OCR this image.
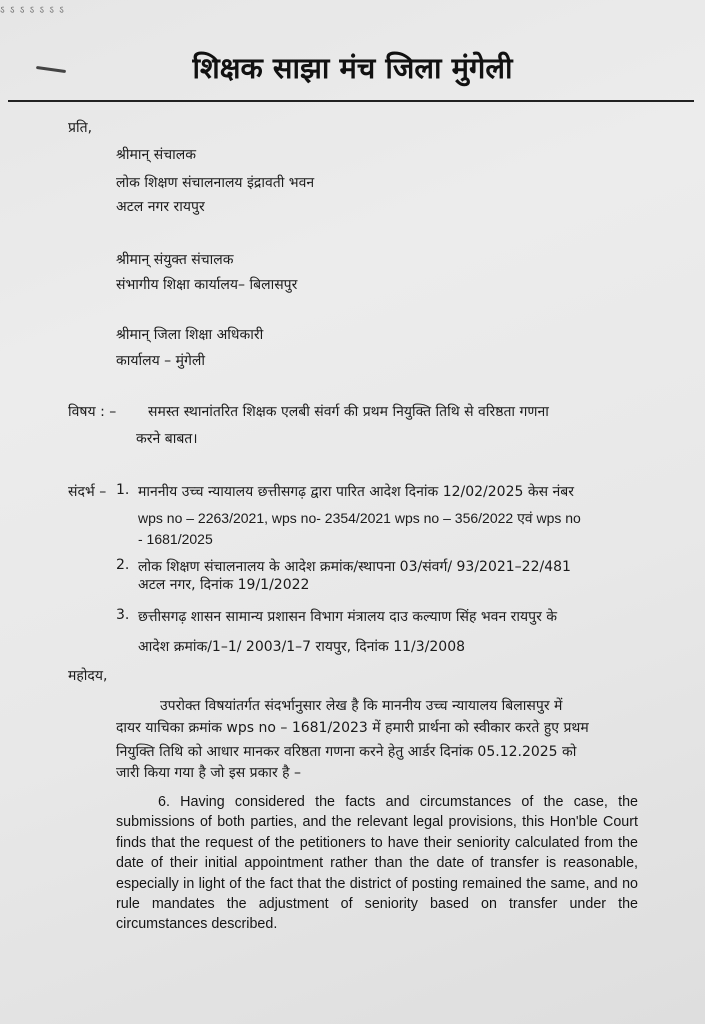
ऽ ऽ ऽ ऽ ऽ ऽ ऽ
शिक्षक साझा मंच जिला मुंगेली
प्रति,
श्रीमान् संचालक
लोक शिक्षण संचालनालय इंद्रावती भवन
अटल नगर रायपुर
श्रीमान् संयुक्त संचालक
संभागीय शिक्षा कार्यालय– बिलासपुर
श्रीमान् जिला शिक्षा अधिकारी
कार्यालय – मुंगेली
विषय : – समस्त स्थानांतरित शिक्षक एलबी संवर्ग की प्रथम नियुक्ति तिथि से वरिष्ठता गणना
करने बाबत।
संदर्भ – 1. माननीय उच्च न्यायालय छत्तीसगढ़ द्वारा पारित आदेश दिनांक 12/02/2025 केस नंबर
wps no – 2263/2021, wps no- 2354/2021 wps no – 356/2022 एवं wps no
- 1681/2025
2. लोक शिक्षण संचालनालय के आदेश क्रमांक/स्थापना 03/संवर्ग/ 93/2021–22/481
अटल नगर, दिनांक 19/1/2022
3. छत्तीसगढ़ शासन सामान्य प्रशासन विभाग मंत्रालय दाउ कल्याण सिंह भवन रायपुर के
आदेश क्रमांक/1–1/ 2003/1–7 रायपुर, दिनांक 11/3/2008
महोदय,
उपरोक्त विषयांतर्गत संदर्भानुसार लेख है कि माननीय उच्च न्यायालय बिलासपुर में
दायर याचिका क्रमांक wps no – 1681/2023 में हमारी प्रार्थना को स्वीकार करते हुए प्रथम
नियुक्ति तिथि को आधार मानकर वरिष्ठता गणना करने हेतु आर्डर दिनांक 05.12.2025 को
जारी किया गया है जो इस प्रकार है –
6. Having considered the facts and circumstances of the case, the submissions of both parties, and the relevant legal provisions, this Hon'ble Court finds that the request of the petitioners to have their seniority calculated from the date of their initial appointment rather than the date of transfer is reasonable, especially in light of the fact that the district of posting remained the same, and no rule mandates the adjustment of seniority based on transfer under the circumstances described.
